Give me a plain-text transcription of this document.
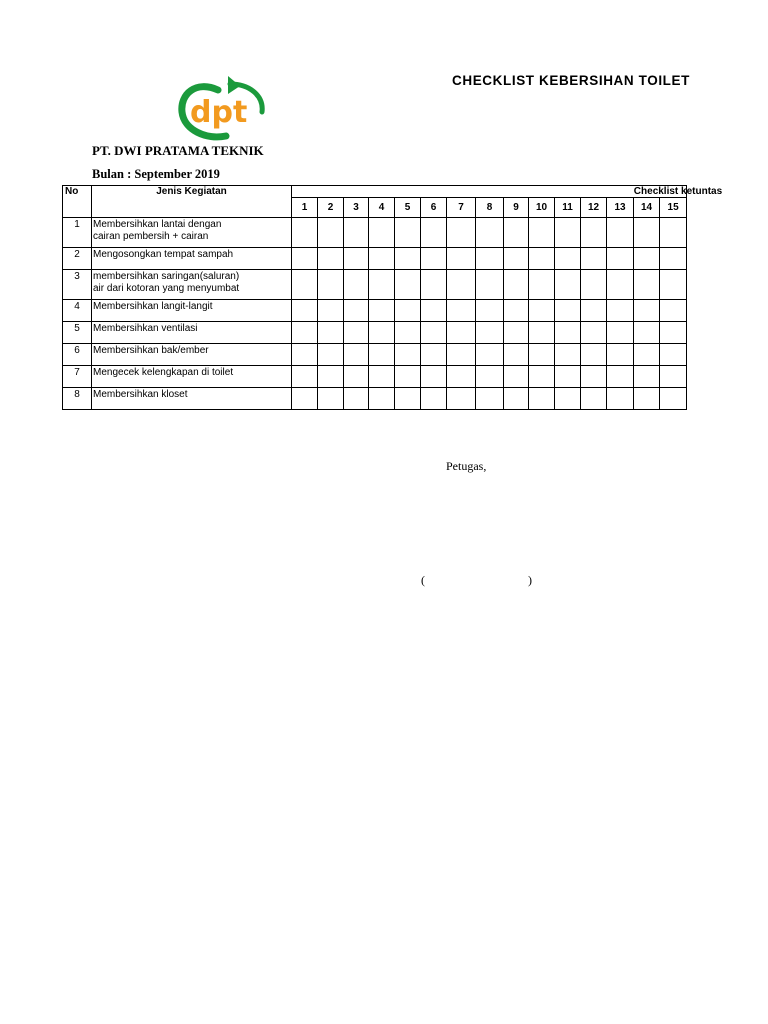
dpt
CHECKLIST KEBERSIHAN TOILET
PT. DWI PRATAMA TEKNIK
Bulan : September 2019
No	Jenis Kegiatan	Checklist ketuntas														
		1	2	3	4	5	6	7	8	9	10	11	12	13	14	15
1	Membersihkan lantai dengan
cairan pembersih + cairan															

2	Mengosongkan tempat sampah															

3	membersihkan saringan(saluran)
air dari kotoran yang menyumbat															

4	Membersihkan langit-langit															

5	Membersihkan ventilasi															

6	Membersihkan bak/ember															

7	Mengecek kelengkapan di toilet															

8	Membersihkan kloset															

Petugas,
(	)
